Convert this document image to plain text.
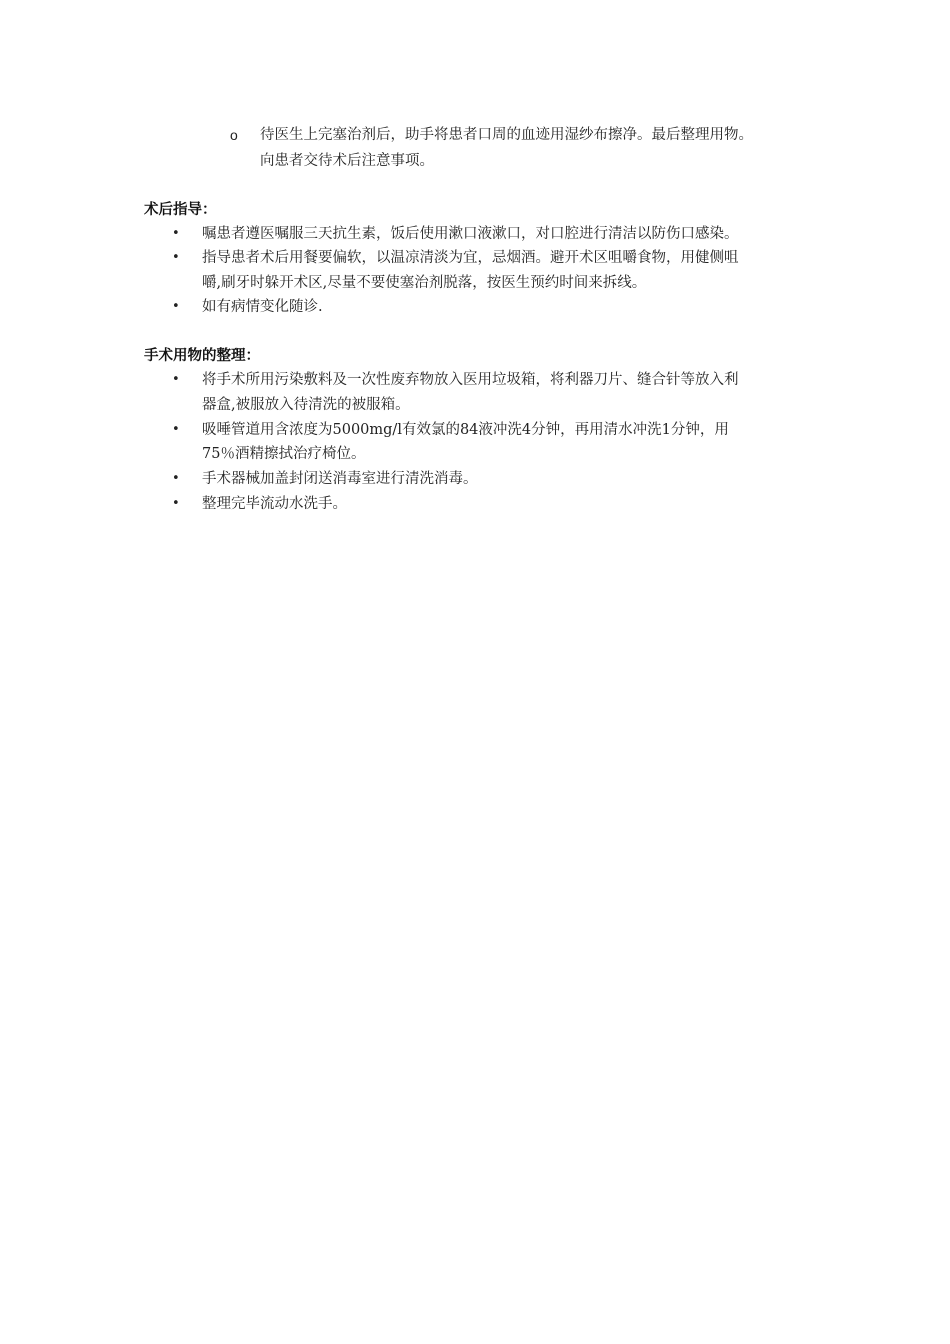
o 待医生上完塞治剂后，助手将患者口周的血迹用湿纱布擦净。最后整理用物。
向患者交待术后注意事项。
术后指导：
• 嘱患者遵医嘱服三天抗生素，饭后使用漱口液漱口，对口腔进行清洁以防伤口感染。
• 指导患者术后用餐要偏软，以温凉清淡为宜，忌烟酒。避开术区咀嚼食物，用健侧咀
嚼,刷牙时躲开术区,尽量不要使塞治剂脱落，按医生预约时间来拆线。
• 如有病情变化随诊.
手术用物的整理：
• 将手术所用污染敷料及一次性废弃物放入医用垃圾箱，将利器刀片、缝合针等放入利
器盒,被服放入待清洗的被服箱。
• 吸唾管道用含浓度为5000mg/l有效氯的84液冲洗4分钟，再用清水冲洗1分钟，用
75％酒精擦拭治疗椅位。
• 手术器械加盖封闭送消毒室进行清洗消毒。
• 整理完毕流动水洗手。
